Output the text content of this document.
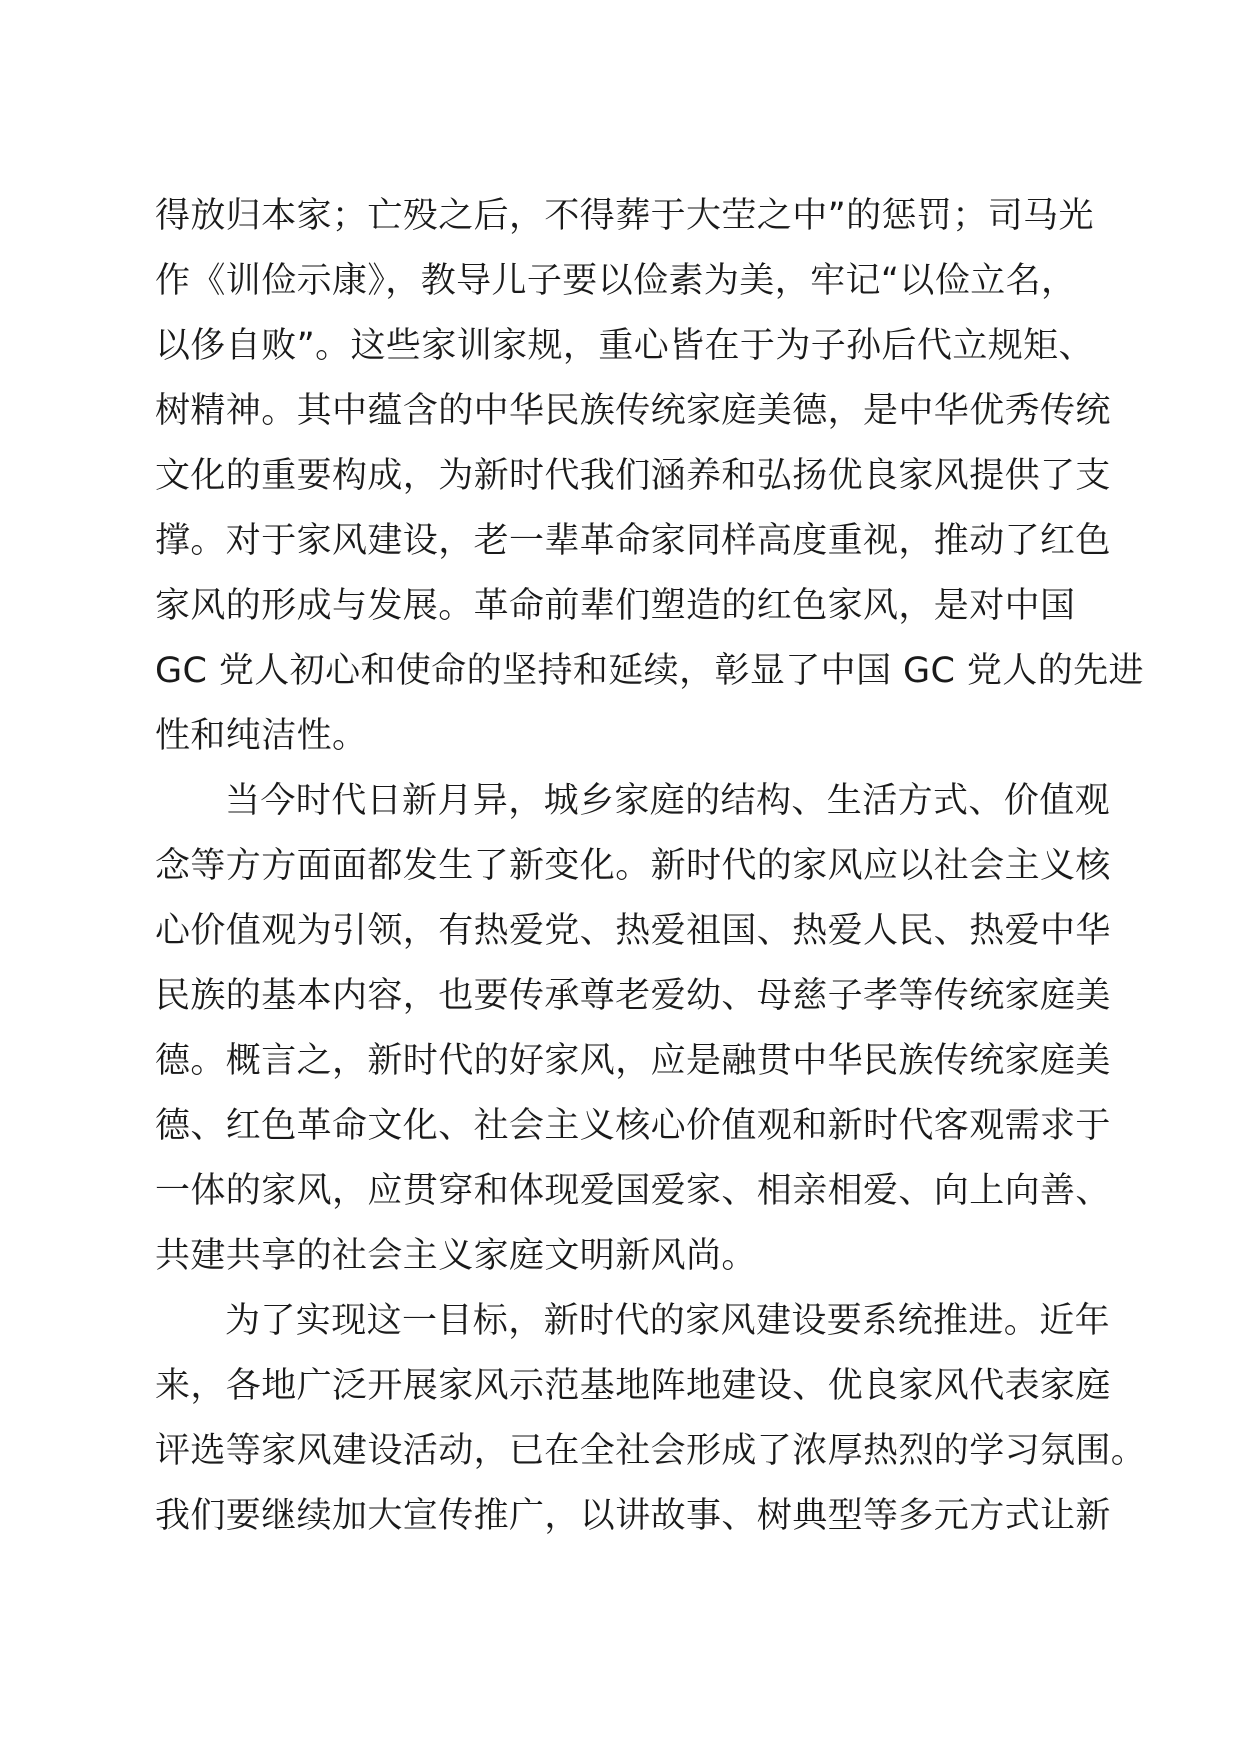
得放归本家；亡殁之后，不得葬于大茔之中”的惩罚；司马光
作《训俭示康》，教导儿子要以俭素为美，牢记“以俭立名，
以侈自败”。这些家训家规，重心皆在于为子孙后代立规矩、
树精神。其中蕴含的中华民族传统家庭美德，是中华优秀传统
文化的重要构成，为新时代我们涵养和弘扬优良家风提供了支
撑。对于家风建设，老一辈革命家同样高度重视，推动了红色
家风的形成与发展。革命前辈们塑造的红色家风，是对中国
GC 党人初心和使命的坚持和延续，彰显了中国 GC 党人的先进
性和纯洁性。
当今时代日新月异，城乡家庭的结构、生活方式、价值观
念等方方面面都发生了新变化。新时代的家风应以社会主义核
心价值观为引领，有热爱党、热爱祖国、热爱人民、热爱中华
民族的基本内容，也要传承尊老爱幼、母慈子孝等传统家庭美
德。概言之，新时代的好家风，应是融贯中华民族传统家庭美
德、红色革命文化、社会主义核心价值观和新时代客观需求于
一体的家风，应贯穿和体现爱国爱家、相亲相爱、向上向善、
共建共享的社会主义家庭文明新风尚。
为了实现这一目标，新时代的家风建设要系统推进。近年
来，各地广泛开展家风示范基地阵地建设、优良家风代表家庭
评选等家风建设活动，已在全社会形成了浓厚热烈的学习氛围。
我们要继续加大宣传推广，以讲故事、树典型等多元方式让新
